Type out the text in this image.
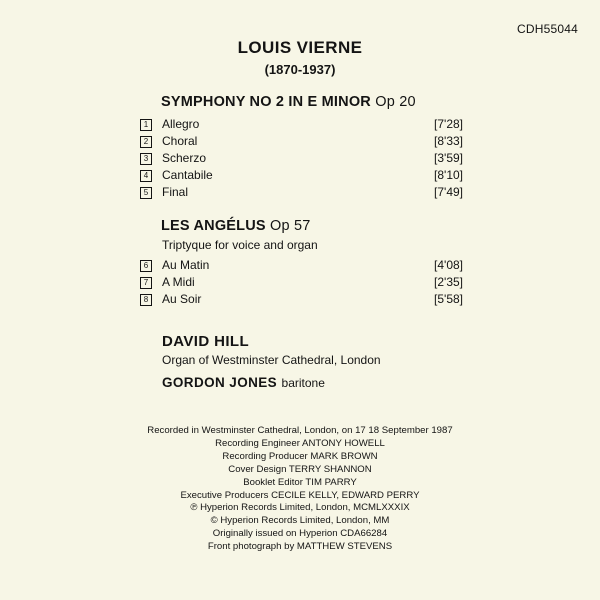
CDH55044
LOUIS VIERNE
(1870-1937)
SYMPHONY NO 2 IN E MINOR Op 20
1	Allegro	[7'28]
2	Choral	[8'33]
3	Scherzo	[3'59]
4	Cantabile	[8'10]
5	Final	[7'49]
LES ANGÉLUS Op 57
Triptyque for voice and organ
6	Au Matin	[4'08]
7	A Midi	[2'35]
8	Au Soir	[5'58]
DAVID HILL
Organ of Westminster Cathedral, London
GORDON JONES baritone
Recorded in Westminster Cathedral, London, on 17 18 September 1987
Recording Engineer ANTONY HOWELL
Recording Producer MARK BROWN
Cover Design TERRY SHANNON
Booklet Editor TIM PARRY
Executive Producers CECILE KELLY, EDWARD PERRY
℗ Hyperion Records Limited, London, MCMLXXXIX
© Hyperion Records Limited, London, MM
Originally issued on Hyperion CDA66284
Front photograph by MATTHEW STEVENS
